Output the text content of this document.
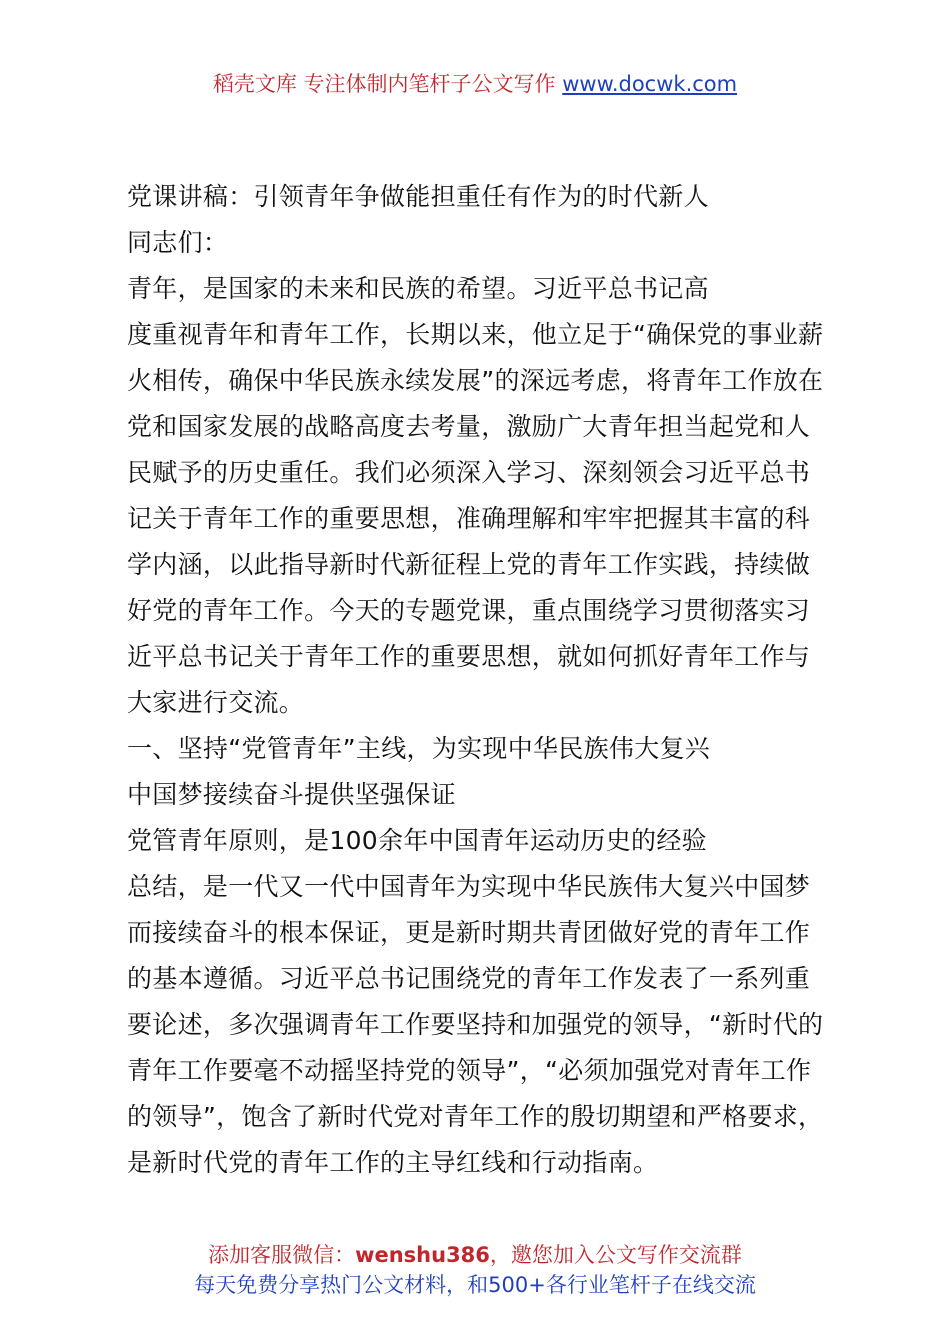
稻壳文库 专注体制内笔杆子公文写作 www.docwk.com

党课讲稿：引领青年争做能担重任有作为的时代新人

同志们：

青年，是国家的未来和民族的希望。习近平总书记高

度重视青年和青年工作，长期以来，他立足于“确保党的事业薪

火相传，确保中华民族永续发展”的深远考虑，将青年工作放在

党和国家发展的战略高度去考量，激励广大青年担当起党和人

民赋予的历史重任。我们必须深入学习、深刻领会习近平总书

记关于青年工作的重要思想，准确理解和牢牢把握其丰富的科

学内涵，以此指导新时代新征程上党的青年工作实践，持续做

好党的青年工作。今天的专题党课，重点围绕学习贯彻落实习

近平总书记关于青年工作的重要思想，就如何抓好青年工作与

大家进行交流。

一、坚持“党管青年”主线，为实现中华民族伟大复兴

中国梦接续奋斗提供坚强保证

党管青年原则，是100余年中国青年运动历史的经验

总结，是一代又一代中国青年为实现中华民族伟大复兴中国梦

而接续奋斗的根本保证，更是新时期共青团做好党的青年工作

的基本遵循。习近平总书记围绕党的青年工作发表了一系列重

要论述，多次强调青年工作要坚持和加强党的领导，“新时代的

青年工作要毫不动摇坚持党的领导”，“必须加强党对青年工作

的领导”，饱含了新时代党对青年工作的殷切期望和严格要求，

是新时代党的青年工作的主导红线和行动指南。

添加客服微信：wenshu386，邀您加入公文写作交流群
每天免费分享热门公文材料，和500+各行业笔杆子在线交流
